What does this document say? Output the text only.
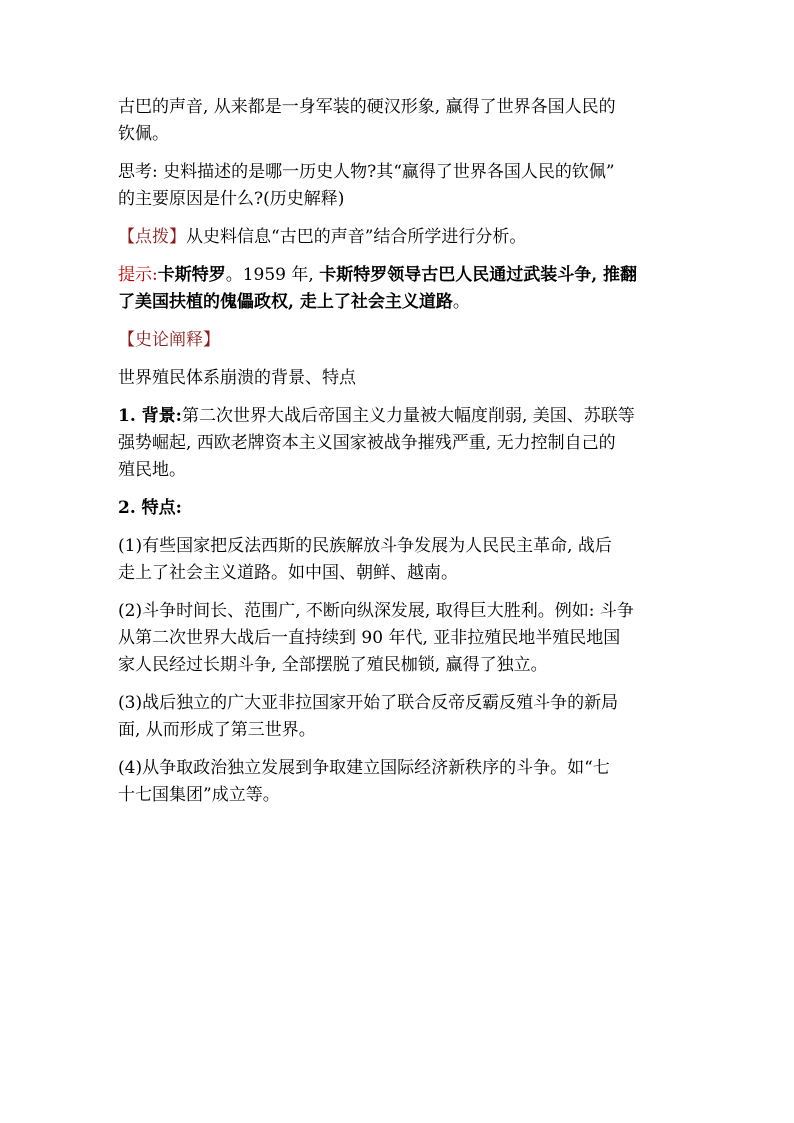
古巴的声音, 从来都是一身军装的硬汉形象, 赢得了世界各国人民的

钦佩。

思考: 史料描述的是哪一历史人物?其“赢得了世界各国人民的钦佩”

的主要原因是什么?(历史解释)

【点拨】从史料信息“古巴的声音”结合所学进行分析。

提示:卡斯特罗。1959 年, 卡斯特罗领导古巴人民通过武装斗争, 推翻

了美国扶植的傀儡政权, 走上了社会主义道路。

【史论阐释】

世界殖民体系崩溃的背景、特点

1. 背景:第二次世界大战后帝国主义力量被大幅度削弱, 美国、苏联等

强势崛起, 西欧老牌资本主义国家被战争摧残严重, 无力控制自己的

殖民地。

2. 特点:

(1)有些国家把反法西斯的民族解放斗争发展为人民民主革命, 战后

走上了社会主义道路。如中国、朝鲜、越南。

(2)斗争时间长、范围广, 不断向纵深发展, 取得巨大胜利。例如: 斗争

从第二次世界大战后一直持续到 90 年代, 亚非拉殖民地半殖民地国

家人民经过长期斗争, 全部摆脱了殖民枷锁, 赢得了独立。

(3)战后独立的广大亚非拉国家开始了联合反帝反霸反殖斗争的新局

面, 从而形成了第三世界。

(4)从争取政治独立发展到争取建立国际经济新秩序的斗争。如“七

十七国集团”成立等。
